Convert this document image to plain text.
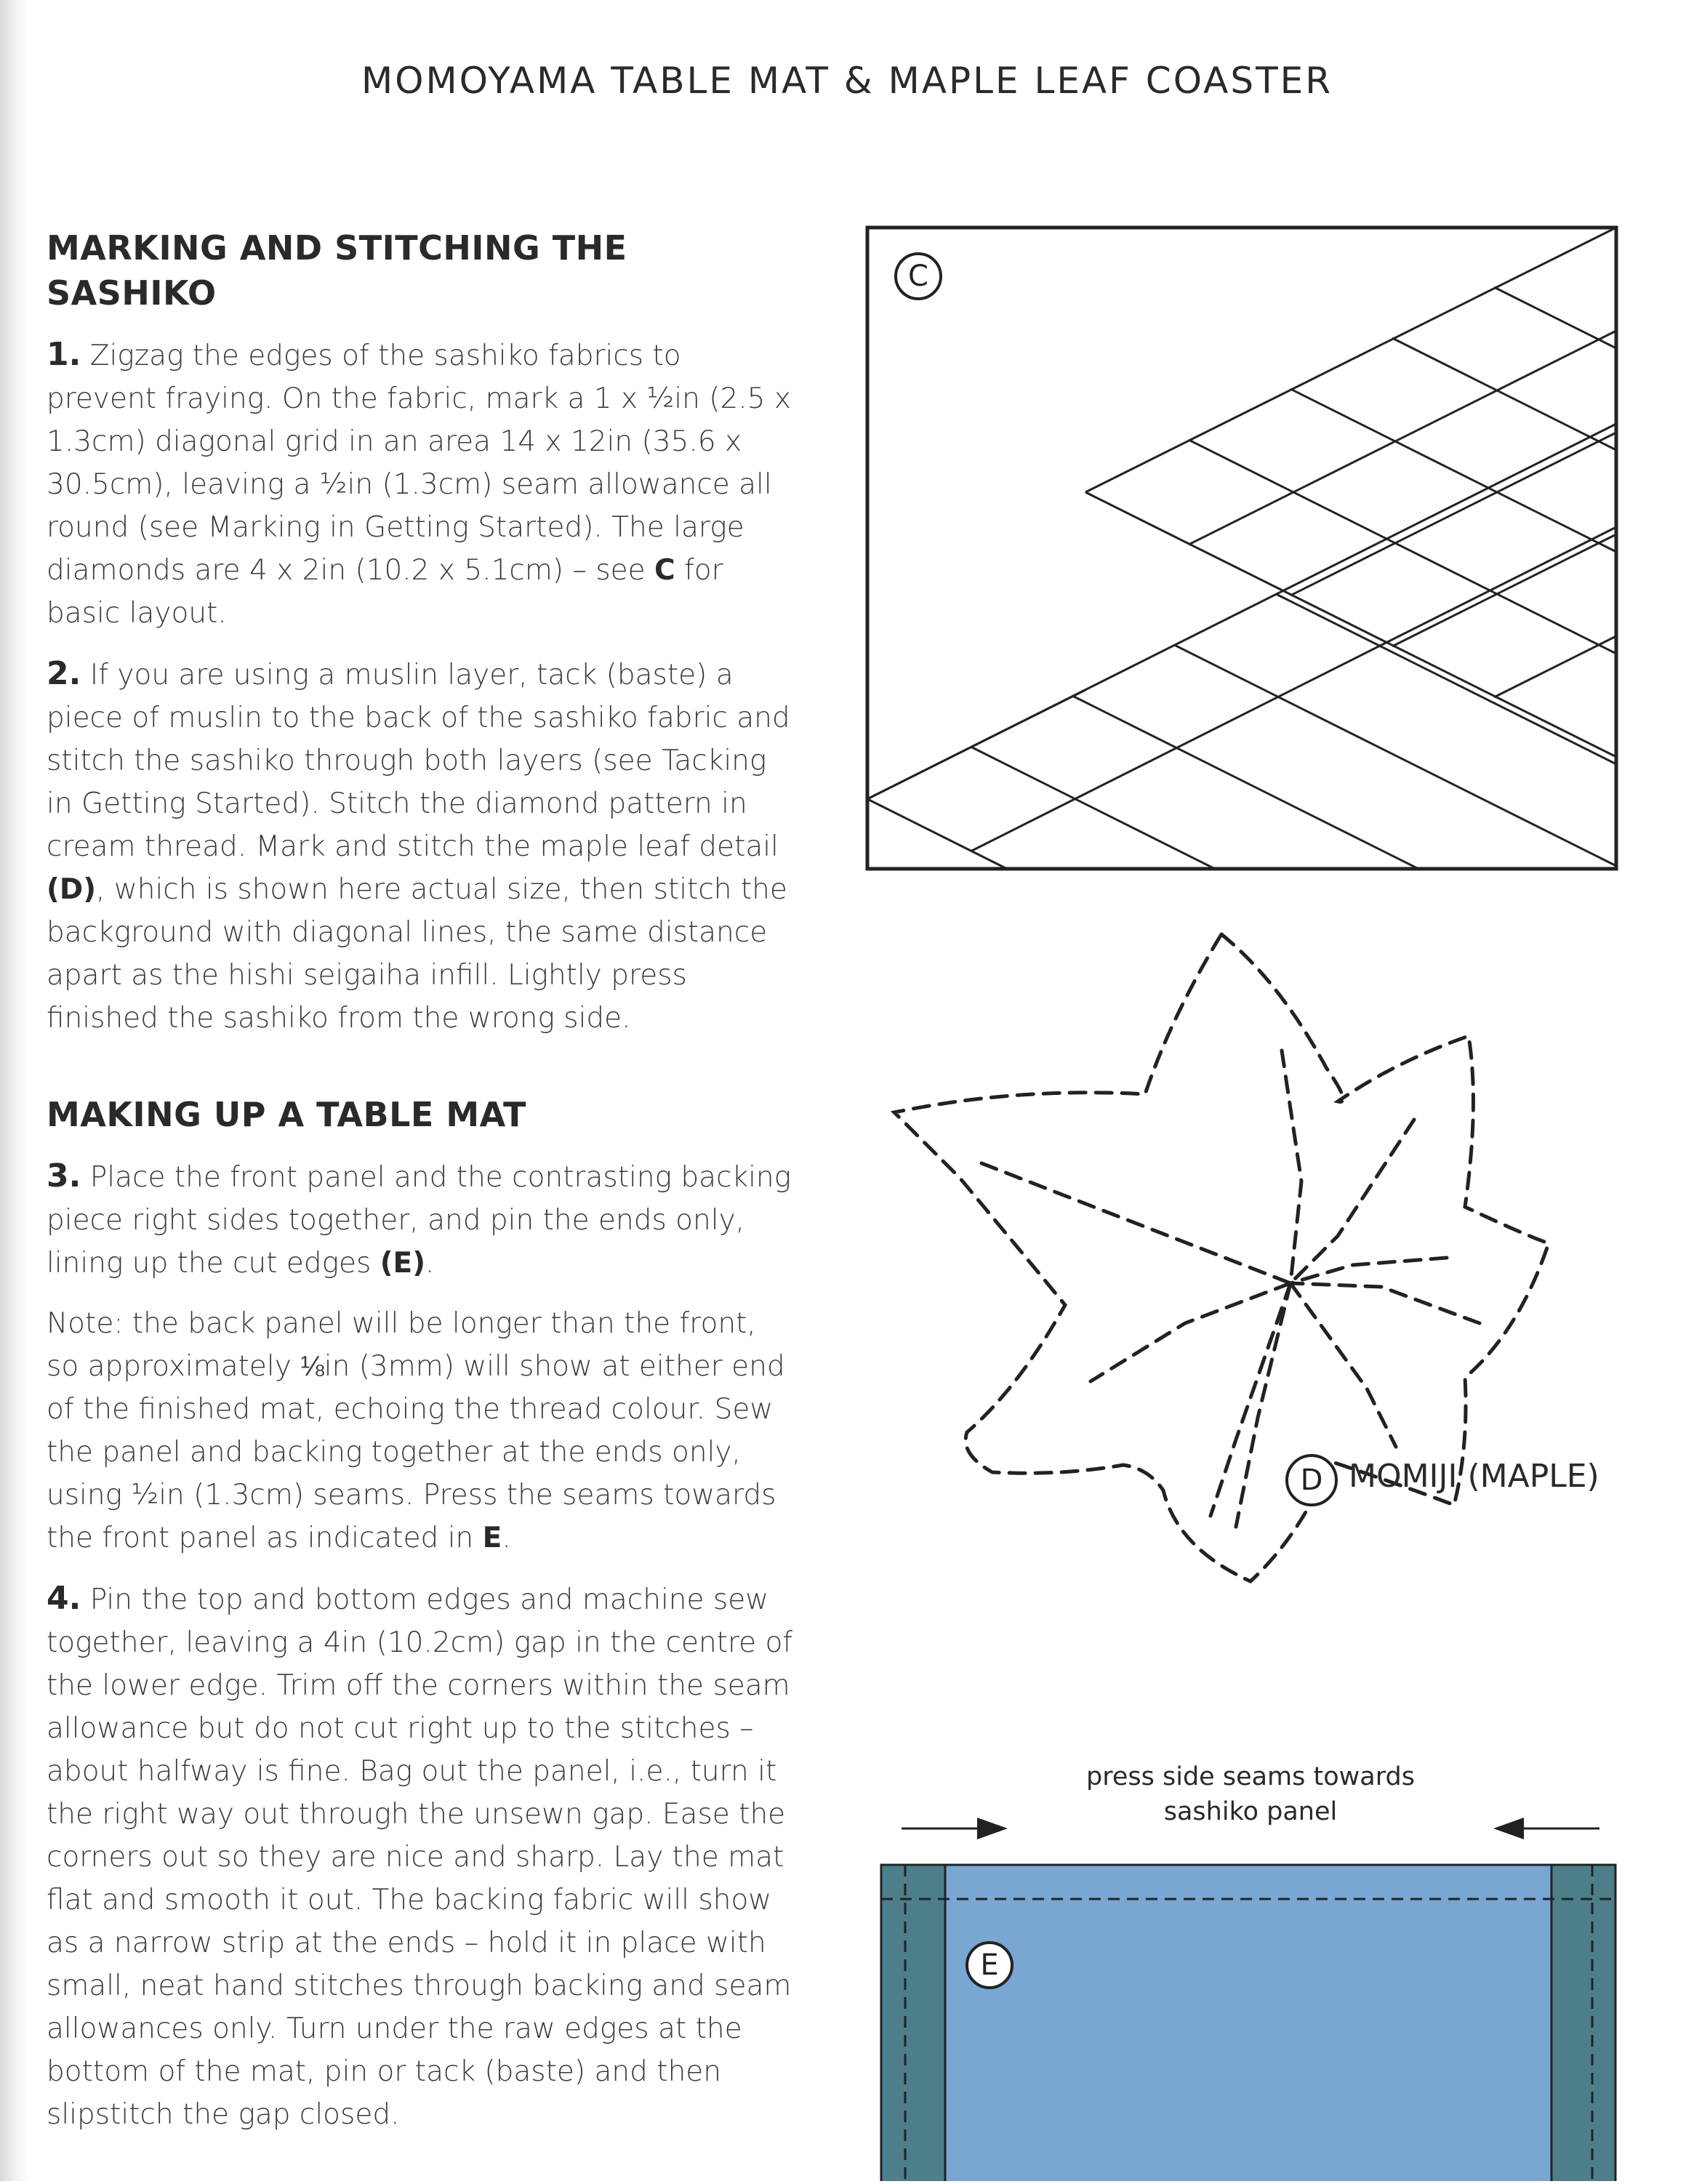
MOMOYAMA TABLE MAT & MAPLE LEAF COASTER
MARKING AND STITCHING THE SASHIKO

1. Zigzag the edges of the sashiko fabrics to prevent fraying. On the fabric, mark a 1 x ½in (2.5 x 1.3cm) diagonal grid in an area 14 x 12in (35.6 x 30.5cm), leaving a ½in (1.3cm) seam allowance all round (see Marking in Getting Started). The large diamonds are 4 x 2in (10.2 x 5.1cm) – see C for basic layout.

2. If you are using a muslin layer, tack (baste) a piece of muslin to the back of the sashiko fabric and stitch the sashiko through both layers (see Tacking in Getting Started). Stitch the diamond pattern in cream thread. Mark and stitch the maple leaf detail (D), which is shown here actual size, then stitch the background with diagonal lines, the same distance apart as the hishi seigaiha infill. Lightly press finished the sashiko from the wrong side.

MAKING UP A TABLE MAT

3. Place the front panel and the contrasting backing piece right sides together, and pin the ends only, lining up the cut edges (E).

Note: the back panel will be longer than the front, so approximately ⅛in (3mm) will show at either end of the finished mat, echoing the thread colour. Sew the panel and backing together at the ends only, using ½in (1.3cm) seams. Press the seams towards the front panel as indicated in E.

4. Pin the top and bottom edges and machine sew together, leaving a 4in (10.2cm) gap in the centre of the lower edge. Trim off the corners within the seam allowance but do not cut right up to the stitches – about halfway is fine. Bag out the panel, i.e., turn it the right way out through the unsewn gap. Ease the corners out so they are nice and sharp. Lay the mat flat and smooth it out. The backing fabric will show as a narrow strip at the ends – hold it in place with small, neat hand stitches through backing and seam allowances only. Turn under the raw edges at the bottom of the mat, pin or tack (baste) and then slipstitch the gap closed.

C
D MOMIJI (MAPLE)
press side seams towards
sashiko panel
E
